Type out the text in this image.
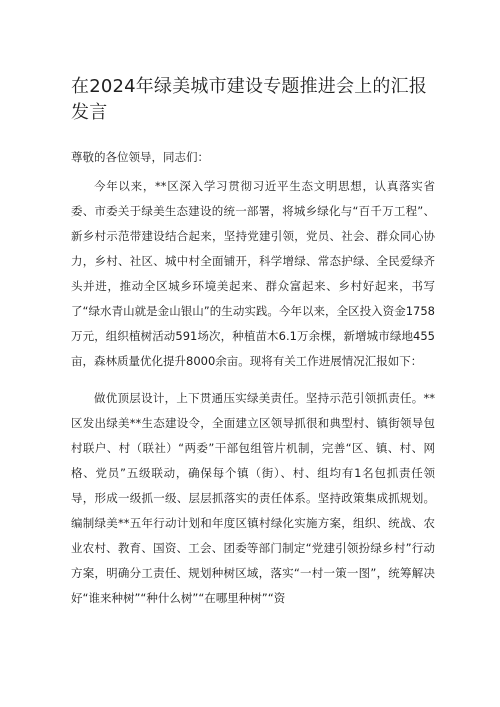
在2024年绿美城市建设专题推进会上的汇报发言

尊敬的各位领导，同志们：

今年以来，**区深入学习贯彻习近平生态文明思想，认真落实省委、市委关于绿美生态建设的统一部署，将城乡绿化与“百千万工程”、新乡村示范带建设结合起来，坚持党建引领，党员、社会、群众同心协力，乡村、社区、城中村全面铺开，科学增绿、常态护绿、全民爱绿齐头并进，推动全区城乡环境美起来、群众富起来、乡村好起来，书写了“绿水青山就是金山银山”的生动实践。今年以来，全区投入资金1758万元，组织植树活动591场次，种植苗木6.1万余棵，新增城市绿地455亩，森林质量优化提升8000余亩。现将有关工作进展情况汇报如下：

做优顶层设计，上下贯通压实绿美责任。坚持示范引领抓责任。**区发出绿美**生态建设令，全面建立区领导抓很和典型村、镇街领导包村联户、村（联社）“两委”干部包组管片机制，完善“区、镇、村、网格、党员”五级联动，确保每个镇（街）、村、组均有1名包抓责任领导，形成一级抓一级、层层抓落实的责任体系。坚持政策集成抓规划。编制绿美**五年行动计划和年度区镇村绿化实施方案，组织、统战、农业农村、教育、国资、工会、团委等部门制定“党建引领扮绿乡村”行动方案，明确分工责任、规划种树区域，落实“一村一策一图”，统筹解决好“谁来种树”“种什么树”“在哪里种树”“资
